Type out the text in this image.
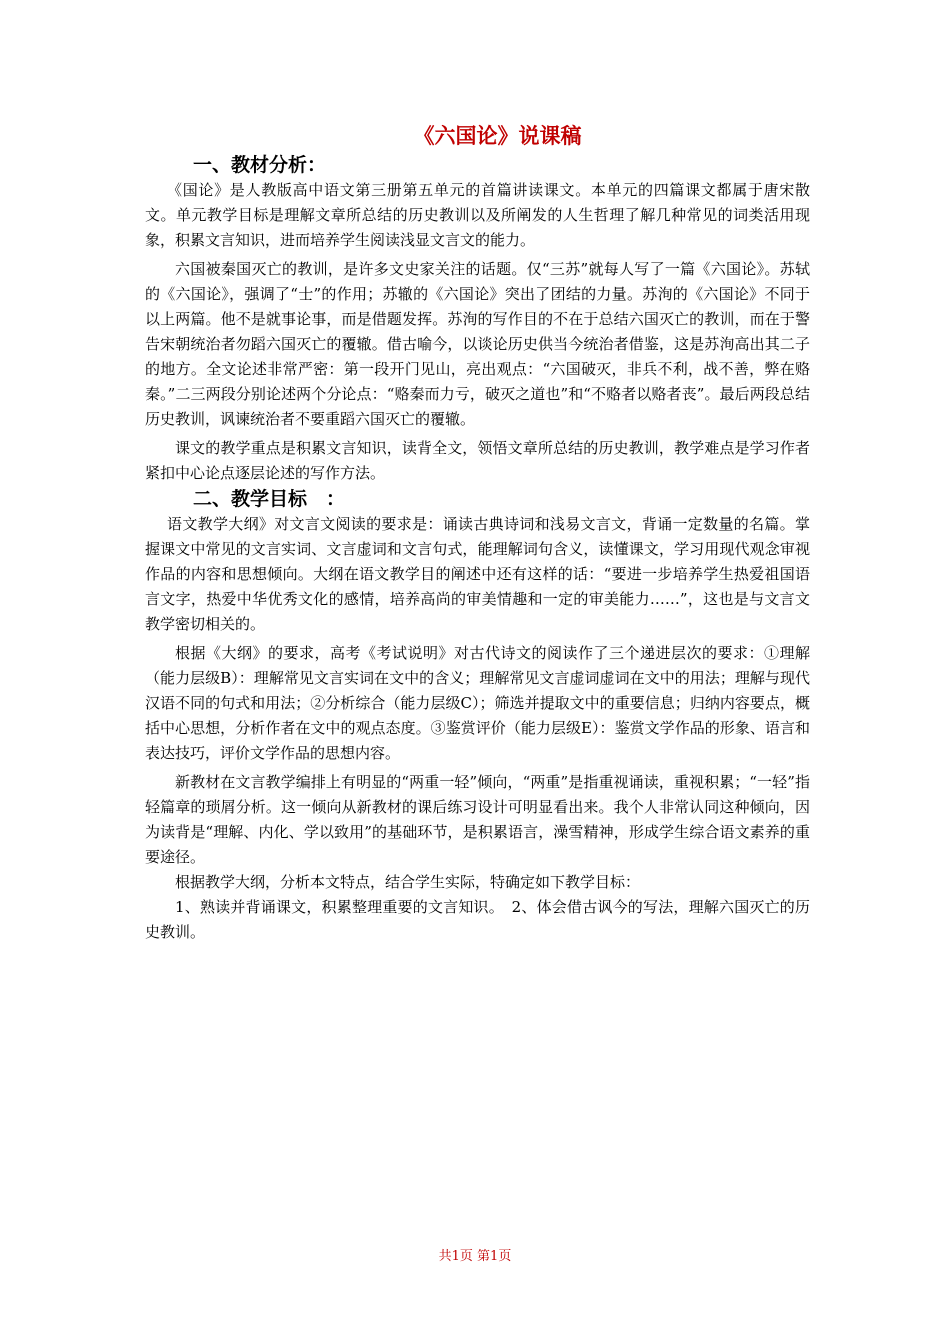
《六国论》说课稿
一、教材分析：

《国论》是人教版高中语文第三册第五单元的首篇讲读课文。本单元的四篇课文都属于唐宋散文。单元教学目标是理解文章所总结的历史教训以及所阐发的人生哲理了解几种常见的词类活用现象，积累文言知识，进而培养学生阅读浅显文言文的能力。

六国被秦国灭亡的教训，是许多文史家关注的话题。仅“三苏”就每人写了一篇《六国论》。苏轼的《六国论》，强调了“士”的作用；苏辙的《六国论》突出了团结的力量。苏洵的《六国论》不同于以上两篇。他不是就事论事，而是借题发挥。苏洵的写作目的不在于总结六国灭亡的教训，而在于警告宋朝统治者勿蹈六国灭亡的覆辙。借古喻今，以谈论历史供当今统治者借鉴，这是苏洵高出其二子的地方。全文论述非常严密：第一段开门见山，亮出观点：“六国破灭，非兵不利，战不善，弊在赂秦。”二三两段分别论述两个分论点：“赂秦而力亏，破灭之道也”和“不赂者以赂者丧”。最后两段总结历史教训，讽谏统治者不要重蹈六国灭亡的覆辙。

课文的教学重点是积累文言知识，读背全文，领悟文章所总结的历史教训，教学难点是学习作者紧扣中心论点逐层论述的写作方法。

二、教学目标　：

语文教学大纲》对文言文阅读的要求是：诵读古典诗词和浅易文言文，背诵一定数量的名篇。掌握课文中常见的文言实词、文言虚词和文言句式，能理解词句含义，读懂课文，学习用现代观念审视作品的内容和思想倾向。大纲在语文教学目的阐述中还有这样的话：“要进一步培养学生热爱祖国语言文字，热爱中华优秀文化的感情，培养高尚的审美情趣和一定的审美能力……”，这也是与文言文教学密切相关的。

根据《大纲》的要求，高考《考试说明》对古代诗文的阅读作了三个递进层次的要求：①理解（能力层级B）：理解常见文言实词在文中的含义；理解常见文言虚词虚词在文中的用法；理解与现代汉语不同的句式和用法；②分析综合（能力层级C）；筛选并提取文中的重要信息；归纳内容要点，概括中心思想，分析作者在文中的观点态度。③鉴赏评价（能力层级E）：鉴赏文学作品的形象、语言和表达技巧，评价文学作品的思想内容。

新教材在文言教学编排上有明显的“两重一轻”倾向，“两重”是指重视诵读，重视积累；“一轻”指轻篇章的琐屑分析。这一倾向从新教材的课后练习设计可明显看出来。我个人非常认同这种倾向，因为读背是“理解、内化、学以致用”的基础环节，是积累语言，澡雪精神，形成学生综合语文素养的重要途径。

根据教学大纲，分析本文特点，结合学生实际，特确定如下教学目标：

1、熟读并背诵课文，积累整理重要的文言知识。　2、体会借古讽今的写法，理解六国灭亡的历史教训。

共1页 第1页
